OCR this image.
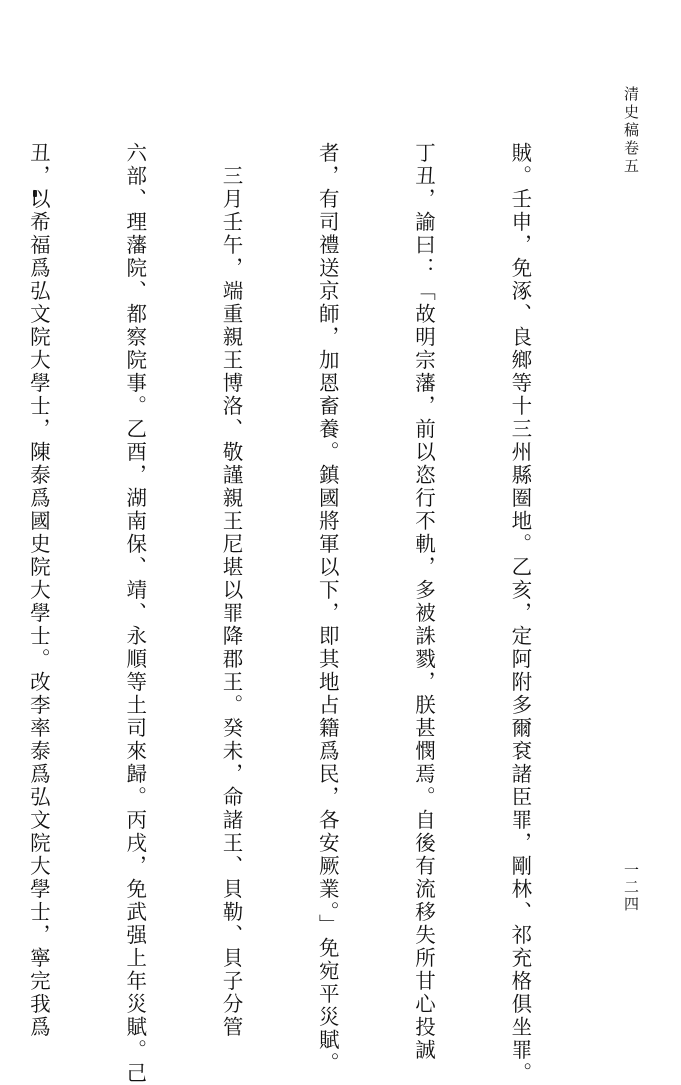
清史稿卷五
一二四

賊。壬申，免涿、良鄉等十三州縣圈地。乙亥，定阿附多爾袞諸臣罪，剛林、祁充格俱坐罪。

丁丑，諭曰：「故明宗藩，前以恣行不軌，多被誅戮，朕甚憫焉。自後有流移失所甘心投誠

者，有司禮送京師，加恩畜養。鎮國將軍以下，即其地占籍爲民，各安厥業。」免宛平災賦。

　三月壬午，端重親王博洛、敬謹親王尼堪以罪降郡王。癸未，命諸王、貝勒、貝子分管

六部、理藩院、都察院事。乙酉，湖南保、靖、永順等土司來歸。丙戌，免武强上年災賦。己

丑，以希福爲弘文院大學士，陳泰爲國史院大學士。改李率泰爲弘文院大學士，寧完我爲
